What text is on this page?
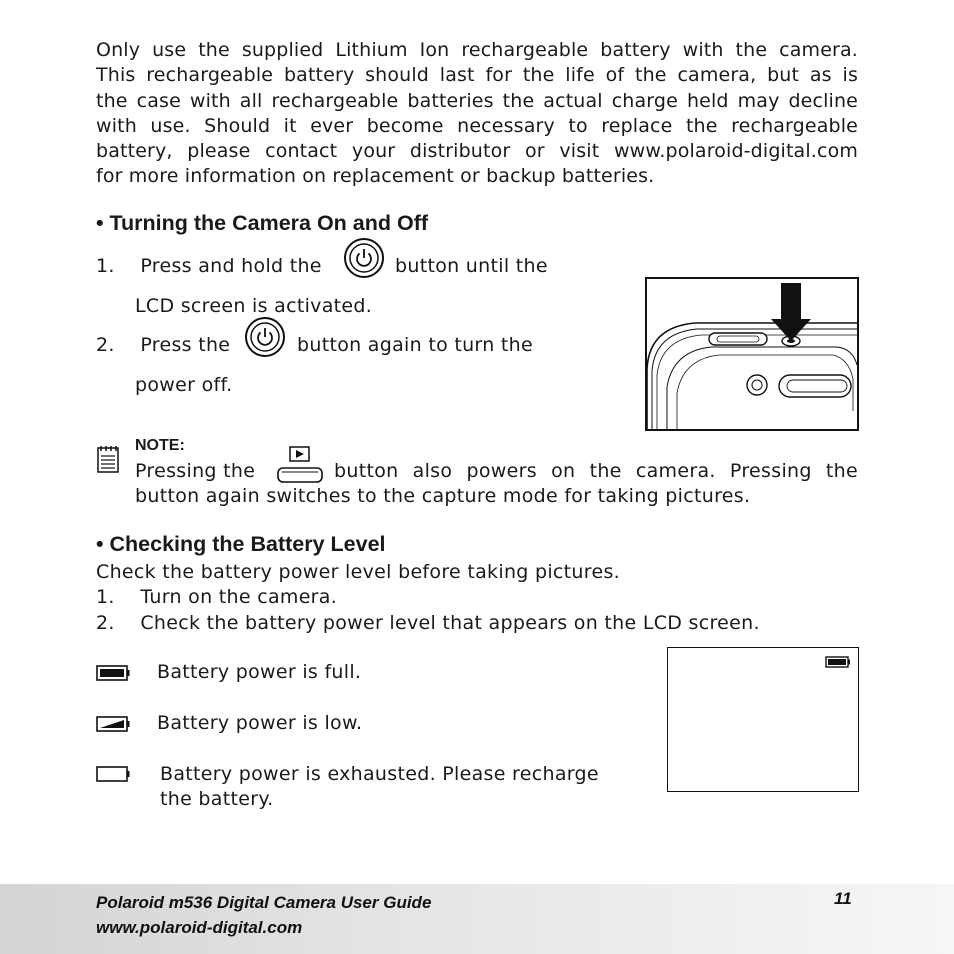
Only use the supplied Lithium Ion rechargeable battery with the camera.
This rechargeable battery should last for the life of the camera, but as is
the case with all rechargeable batteries the actual charge held may decline
with use. Should it ever become necessary to replace the rechargeable
battery, please contact your distributor or visit www.polaroid-digital.com
for more information on replacement or backup batteries.
• Turning the Camera On and Off
1. Press and hold the	button until the
LCD screen is activated.
2. Press the	button again to turn the
power off.
NOTE:
Pressing the	button also powers on the camera. Pressing the
button again switches to the capture mode for taking pictures.
• Checking the Battery Level
Check the battery power level before taking pictures.
1. Turn on the camera.
2. Check the battery power level that appears on the LCD screen.
Battery power is full.
Battery power is low.
Battery power is exhausted. Please recharge
the battery.
Polaroid m536 Digital Camera User Guide
www.polaroid-digital.com
11
